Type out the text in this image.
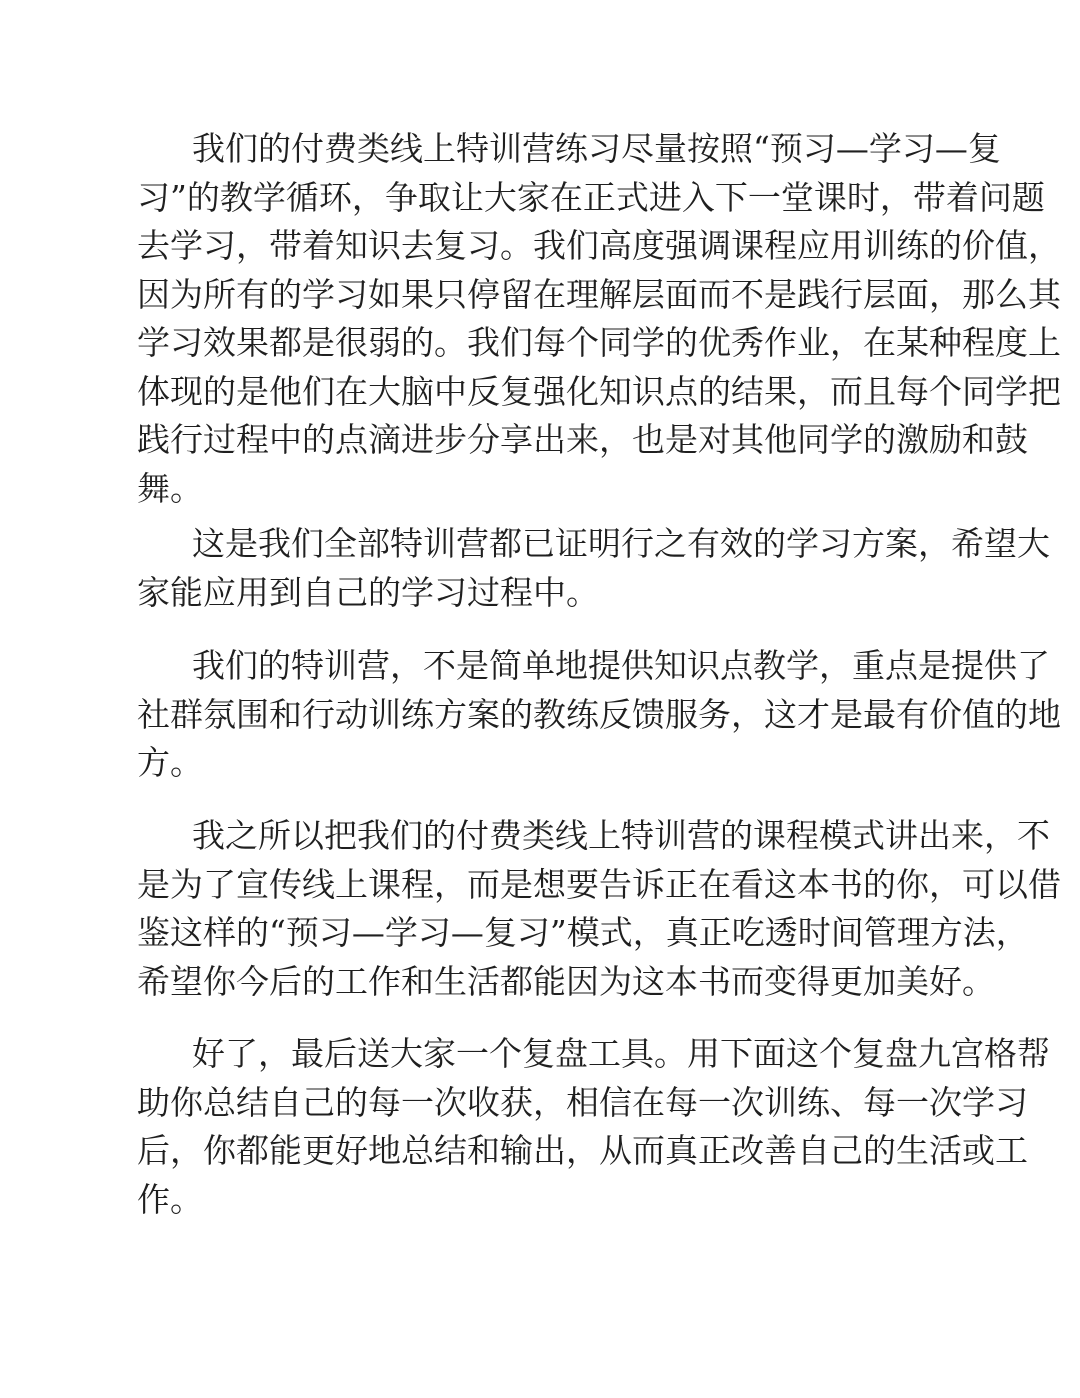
我们的付费类线上特训营练习尽量按照“预习—学习—复
习”的教学循环，争取让大家在正式进入下一堂课时，带着问题
去学习，带着知识去复习。我们高度强调课程应用训练的价值，
因为所有的学习如果只停留在理解层面而不是践行层面，那么其
学习效果都是很弱的。我们每个同学的优秀作业，在某种程度上
体现的是他们在大脑中反复强化知识点的结果，而且每个同学把
践行过程中的点滴进步分享出来，也是对其他同学的激励和鼓
舞。

这是我们全部特训营都已证明行之有效的学习方案，希望大
家能应用到自己的学习过程中。

我们的特训营，不是简单地提供知识点教学，重点是提供了
社群氛围和行动训练方案的教练反馈服务，这才是最有价值的地
方。

我之所以把我们的付费类线上特训营的课程模式讲出来，不
是为了宣传线上课程，而是想要告诉正在看这本书的你，可以借
鉴这样的“预习—学习—复习”模式，真正吃透时间管理方法，
希望你今后的工作和生活都能因为这本书而变得更加美好。

好了，最后送大家一个复盘工具。用下面这个复盘九宫格帮
助你总结自己的每一次收获，相信在每一次训练、每一次学习
后，你都能更好地总结和输出，从而真正改善自己的生活或工
作。
